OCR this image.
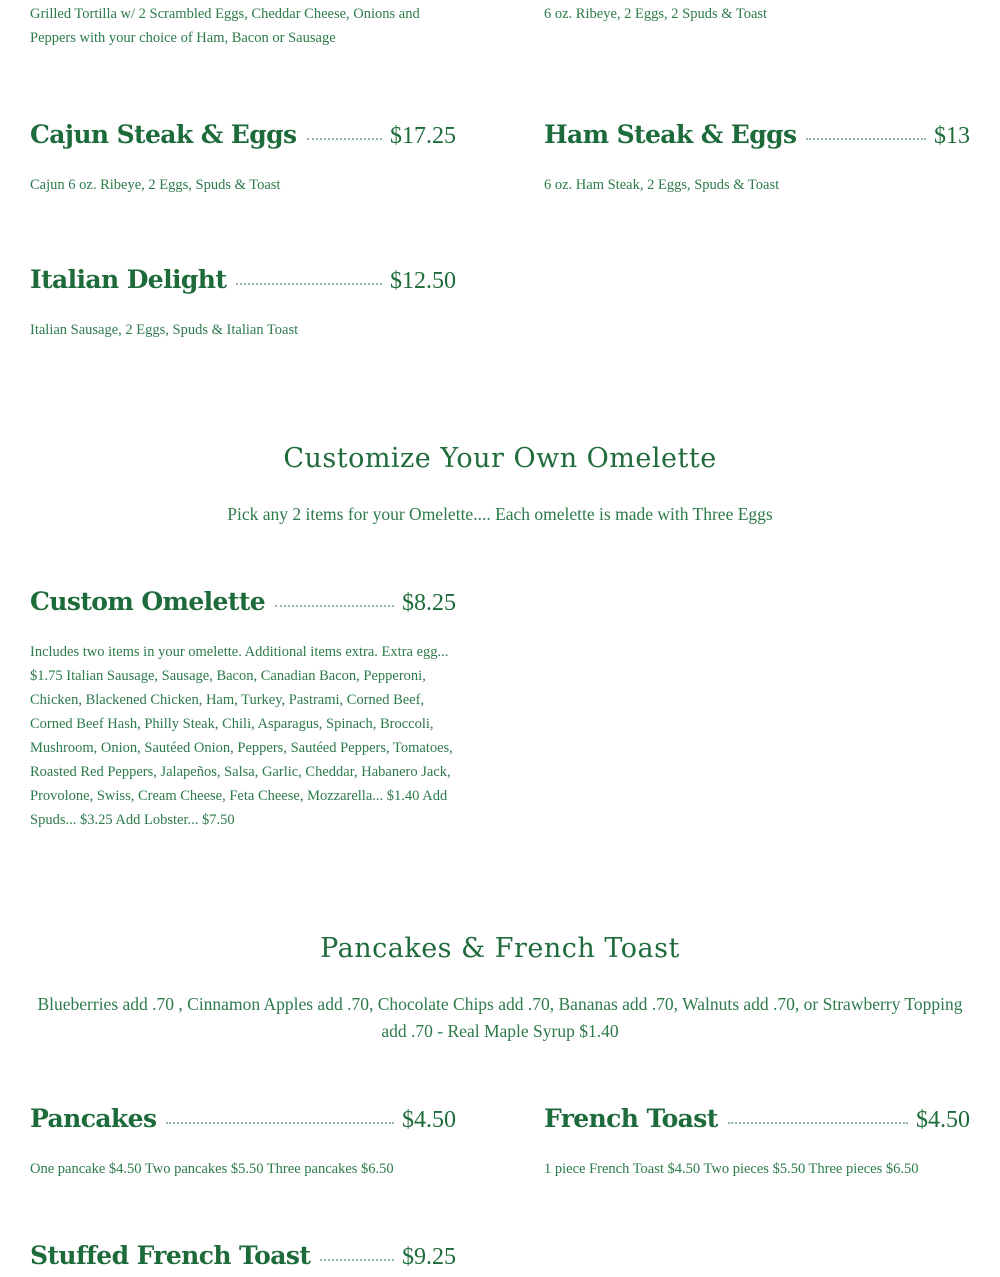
Grilled Tortilla w/ 2 Scrambled Eggs, Cheddar Cheese, Onions and Peppers with your choice of Ham, Bacon or Sausage
6 oz. Ribeye, 2 Eggs, 2 Spuds & Toast
Cajun Steak & Eggs	$17.25
Cajun 6 oz. Ribeye, 2 Eggs, Spuds & Toast
Ham Steak & Eggs	$13
6 oz. Ham Steak, 2 Eggs, Spuds & Toast
Italian Delight	$12.50
Italian Sausage, 2 Eggs, Spuds & Italian Toast
Customize Your Own Omelette
Pick any 2 items for your Omelette.... Each omelette is made with Three Eggs
Custom Omelette	$8.25
Includes two items in your omelette. Additional items extra. Extra egg... $1.75 Italian Sausage, Sausage, Bacon, Canadian Bacon, Pepperoni, Chicken, Blackened Chicken, Ham, Turkey, Pastrami, Corned Beef, Corned Beef Hash, Philly Steak, Chili, Asparagus, Spinach, Broccoli, Mushroom, Onion, Sautéed Onion, Peppers, Sautéed Peppers, Tomatoes, Roasted Red Peppers, Jalapeños, Salsa, Garlic, Cheddar, Habanero Jack, Provolone, Swiss, Cream Cheese, Feta Cheese, Mozzarella... $1.40 Add Spuds... $3.25 Add Lobster... $7.50
Pancakes & French Toast
Blueberries add .70 , Cinnamon Apples add .70, Chocolate Chips add .70, Bananas add .70, Walnuts add .70, or Strawberry Topping add .70 - Real Maple Syrup $1.40
Pancakes	$4.50
One pancake $4.50 Two pancakes $5.50 Three pancakes $6.50
French Toast	$4.50
1 piece French Toast $4.50 Two pieces $5.50 Three pieces $6.50
Stuffed French Toast	$9.25
